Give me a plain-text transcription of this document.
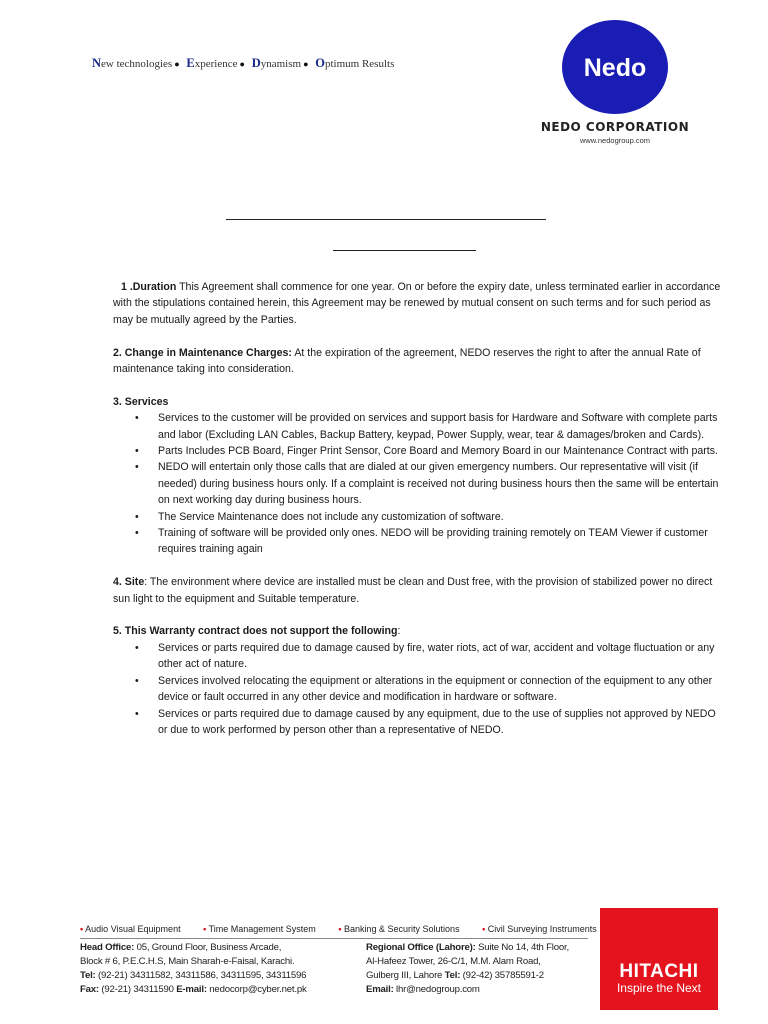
New technologies ● Experience ● Dynamism ● Optimum Results	Nedo
NEDO CORPORATION
www.nedogroup.com

1 .Duration This Agreement shall commence for one year. On or before the expiry date, unless terminated earlier in accordance with the stipulations contained herein, this Agreement may be renewed by mutual consent on such terms and for such period as may be mutually agreed by the Parties.

2. Change in Maintenance Charges: At the expiration of the agreement, NEDO reserves the right to after the annual Rate of maintenance taking into consideration.

3. Services

• Services to the customer will be provided on services and support basis for Hardware and Software with complete parts and labor (Excluding LAN Cables, Backup Battery, keypad, Power Supply, wear, tear & damages/broken and Cards).
• Parts Includes PCB Board, Finger Print Sensor, Core Board and Memory Board in our Maintenance Contract with parts.
• NEDO will entertain only those calls that are dialed at our given emergency numbers. Our representative will visit (if needed) during business hours only. If a complaint is received not during business hours then the same will be entertain on next working day during business hours.
• The Service Maintenance does not include any customization of software.
• Training of software will be provided only ones. NEDO will be providing training remotely on TEAM Viewer if customer requires training again

4. Site: The environment where device are installed must be clean and Dust free, with the provision of stabilized power no direct sun light to the equipment and Suitable temperature.

5. This Warranty contract does not support the following:

• Services or parts required due to damage caused by fire, water riots, act of war, accident and voltage fluctuation or any other act of nature.
• Services involved relocating the equipment or alterations in the equipment or connection of the equipment to any other device or fault occurred in any other device and modification in hardware or software.
• Services or parts required due to damage caused by any equipment, due to the use of supplies not approved by NEDO or due to work performed by person other than a representative of NEDO.
• Audio Visual Equipment	• Time Management System	• Banking & Security Solutions	• Civil Surveying Instruments
Head Office: 05, Ground Floor, Business Arcade,
Block # 6, P.E.C.H.S, Main Sharah-e-Faisal, Karachi.
Tel: (92-21) 34311582, 34311586, 34311595, 34311596
Fax: (92-21) 34311590 E-mail: nedocorp@cyber.net.pk
Regional Office (Lahore): Suite No 14, 4th Floor,
Al-Hafeez Tower, 26-C/1, M.M. Alam Road,
Gulberg III, Lahore Tel: (92-42) 35785591-2
Email: lhr@nedogroup.com
HITACHI
Inspire the Next
